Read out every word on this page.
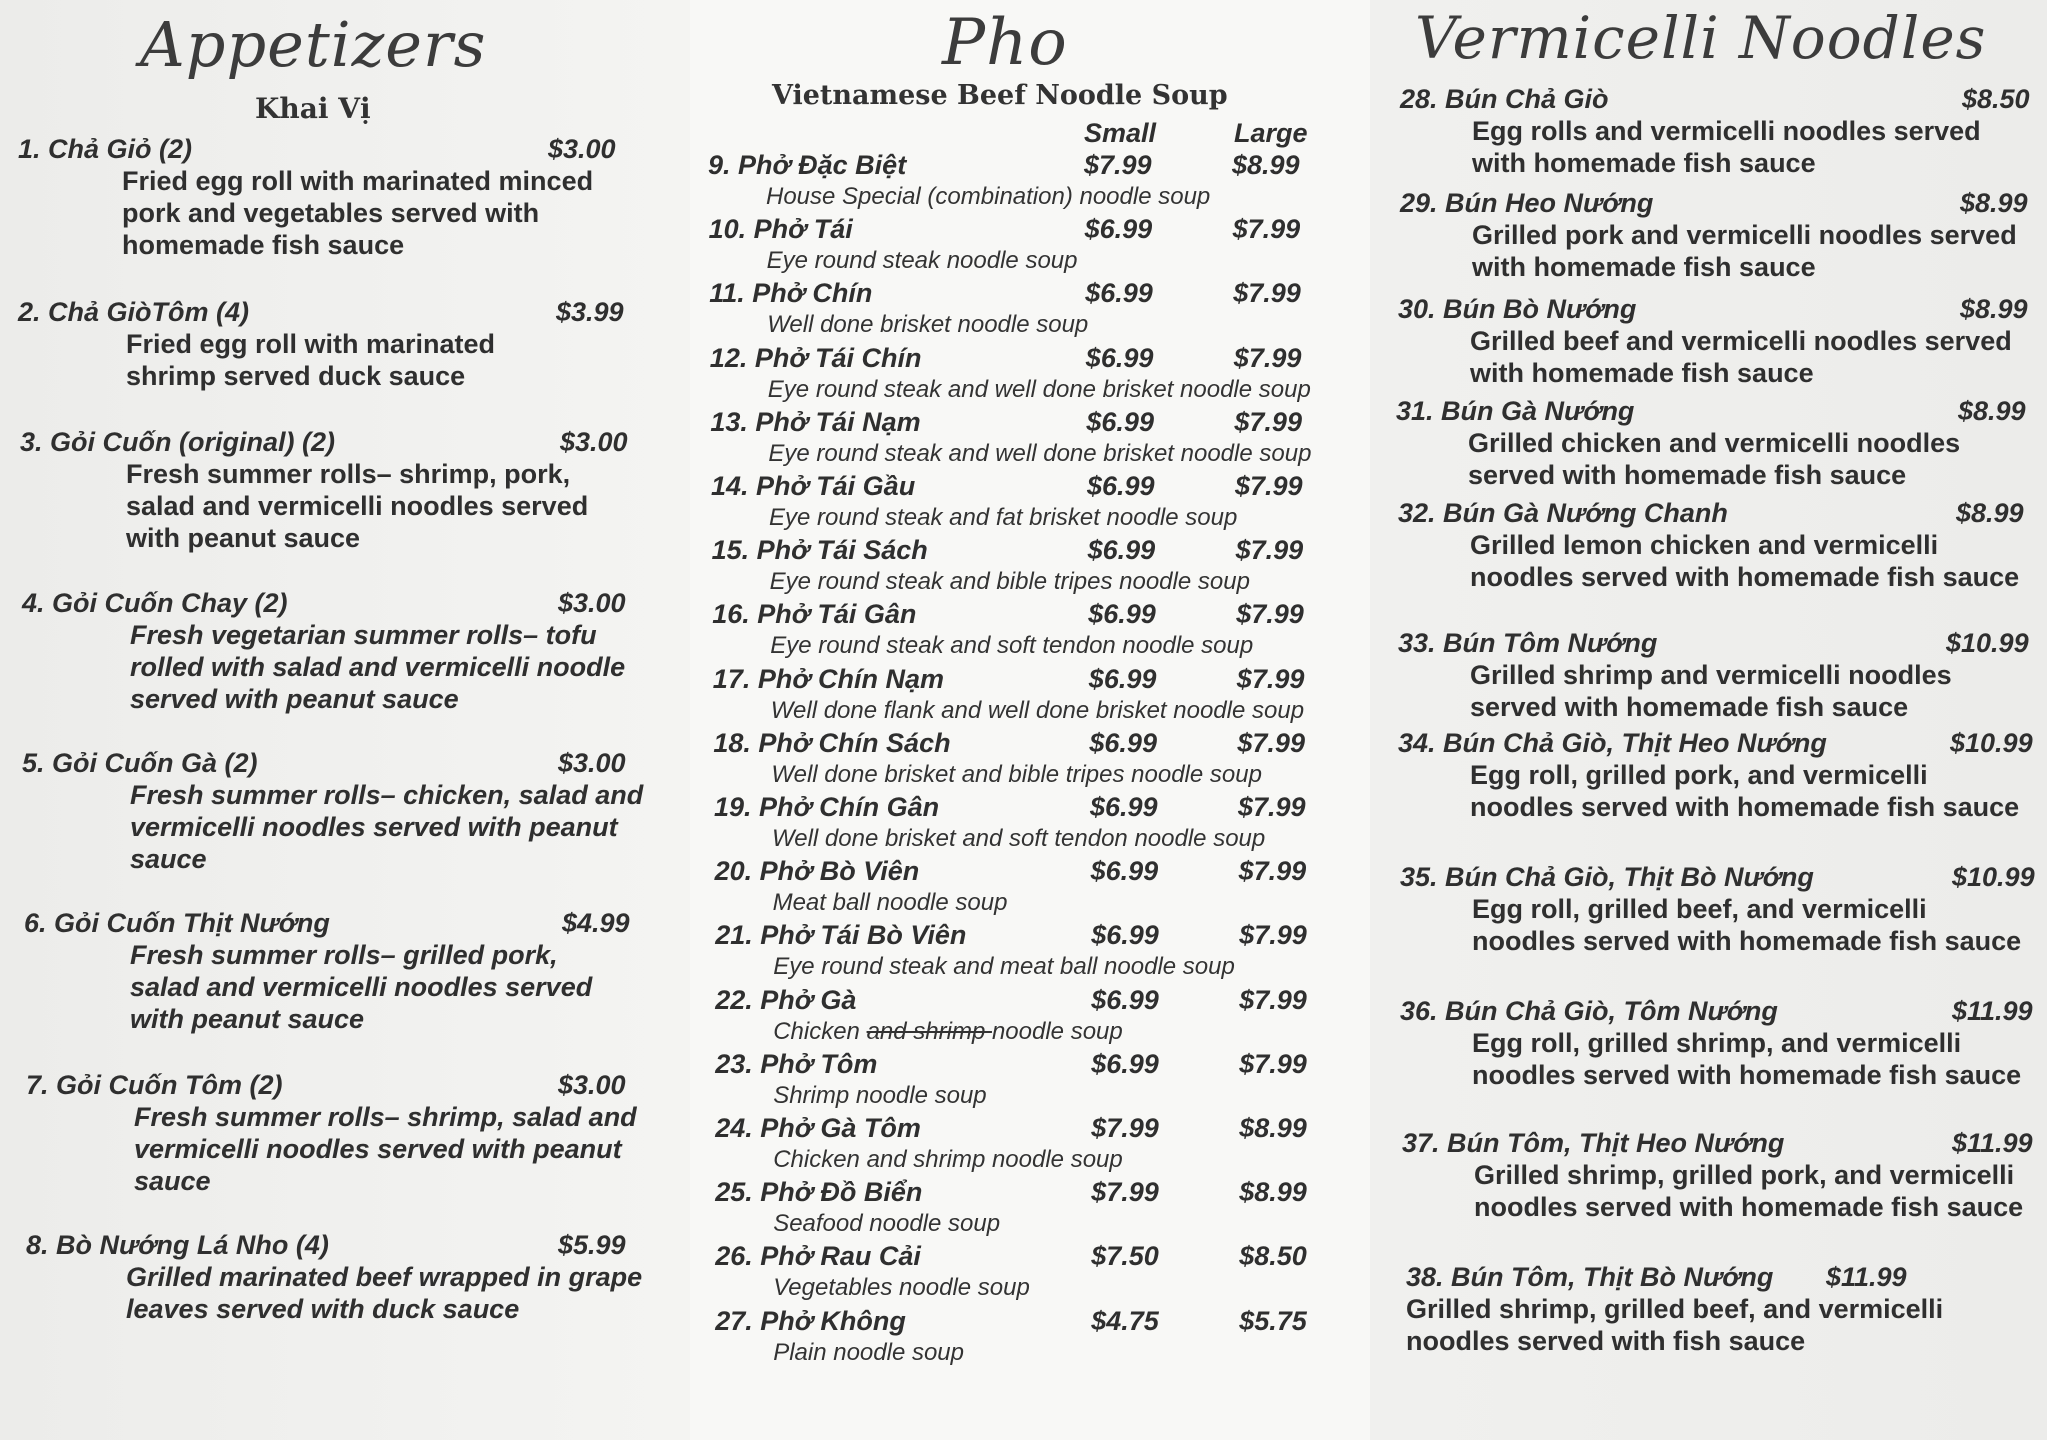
Appetizers
Khai Vị
1. Chả Giỏ (2)	$3.00
Fried egg roll with marinated minced pork and vegetables served with homemade fish sauce
2. Chả GiòTôm (4)	$3.99
Fried egg roll with marinated shrimp served duck sauce
3. Gỏi Cuốn (original) (2)	$3.00
Fresh summer rolls– shrimp, pork, salad and vermicelli noodles served with peanut sauce
4. Gỏi Cuốn Chay (2)	$3.00
Fresh vegetarian summer rolls– tofu rolled with salad and vermicelli noodle served with peanut sauce
5. Gỏi Cuốn Gà (2)	$3.00
Fresh summer rolls– chicken, salad and vermicelli noodles served with peanut sauce
6. Gỏi Cuốn Thịt Nướng	$4.99
Fresh summer rolls– grilled pork, salad and vermicelli noodles served with peanut sauce
7. Gỏi Cuốn Tôm (2)	$3.00
Fresh summer rolls– shrimp, salad and vermicelli noodles served with peanut sauce
8. Bò Nướng Lá Nho (4)	$5.99
Grilled marinated beef wrapped in grape leaves served with duck sauce
Pho
Vietnamese Beef Noodle Soup
Small	Large
9. Phở Đặc Biệt	$7.99	$8.99
House Special (combination) noodle soup
10. Phở Tái	$6.99	$7.99
Eye round steak noodle soup
11. Phở Chín	$6.99	$7.99
Well done brisket noodle soup
12. Phở Tái Chín	$6.99	$7.99
Eye round steak and well done brisket noodle soup
13. Phở Tái Nạm	$6.99	$7.99
Eye round steak and well done brisket noodle soup
14. Phở Tái Gầu	$6.99	$7.99
Eye round steak and fat brisket noodle soup
15. Phở Tái Sách	$6.99	$7.99
Eye round steak and bible tripes noodle soup
16. Phở Tái Gân	$6.99	$7.99
Eye round steak and soft tendon noodle soup
17. Phở Chín Nạm	$6.99	$7.99
Well done flank and well done brisket noodle soup
18. Phở Chín Sách	$6.99	$7.99
Well done brisket and bible tripes noodle soup
19. Phở Chín Gân	$6.99	$7.99
Well done brisket and soft tendon noodle soup
20. Phở Bò Viên	$6.99	$7.99
Meat ball noodle soup
21. Phở Tái Bò Viên	$6.99	$7.99
Eye round steak and meat ball noodle soup
22. Phở Gà	$6.99	$7.99
Chicken and shrimp noodle soup
23. Phở Tôm	$6.99	$7.99
Shrimp noodle soup
24. Phở Gà Tôm	$7.99	$8.99
Chicken and shrimp noodle soup
25. Phở Đồ Biển	$7.99	$8.99
Seafood noodle soup
26. Phở Rau Cải	$7.50	$8.50
Vegetables noodle soup
27. Phở Không	$4.75	$5.75
Plain noodle soup
Vermicelli Noodles
28. Bún Chả Giò	$8.50
Egg rolls and vermicelli noodles served with homemade fish sauce
29. Bún Heo Nướng	$8.99
Grilled pork and vermicelli noodles served with homemade fish sauce
30. Bún Bò Nướng	$8.99
Grilled beef and vermicelli noodles served with homemade fish sauce
31. Bún Gà Nướng	$8.99
Grilled chicken and vermicelli noodles served with homemade fish sauce
32. Bún Gà Nướng Chanh	$8.99
Grilled lemon chicken and vermicelli noodles served with homemade fish sauce
33. Bún Tôm Nướng	$10.99
Grilled shrimp and vermicelli noodles served with homemade fish sauce
34. Bún Chả Giò, Thịt Heo Nướng	$10.99
Egg roll, grilled pork, and vermicelli noodles served with homemade fish sauce
35. Bún Chả Giò, Thịt Bò Nướng	$10.99
Egg roll, grilled beef, and vermicelli noodles served with homemade fish sauce
36. Bún Chả Giò, Tôm Nướng	$11.99
Egg roll, grilled shrimp, and vermicelli noodles served with homemade fish sauce
37. Bún Tôm, Thịt Heo Nướng	$11.99
Grilled shrimp, grilled pork, and vermicelli noodles served with homemade fish sauce
38. Bún Tôm, Thịt Bò Nướng	$11.99
Grilled shrimp, grilled beef, and vermicelli noodles served with fish sauce
